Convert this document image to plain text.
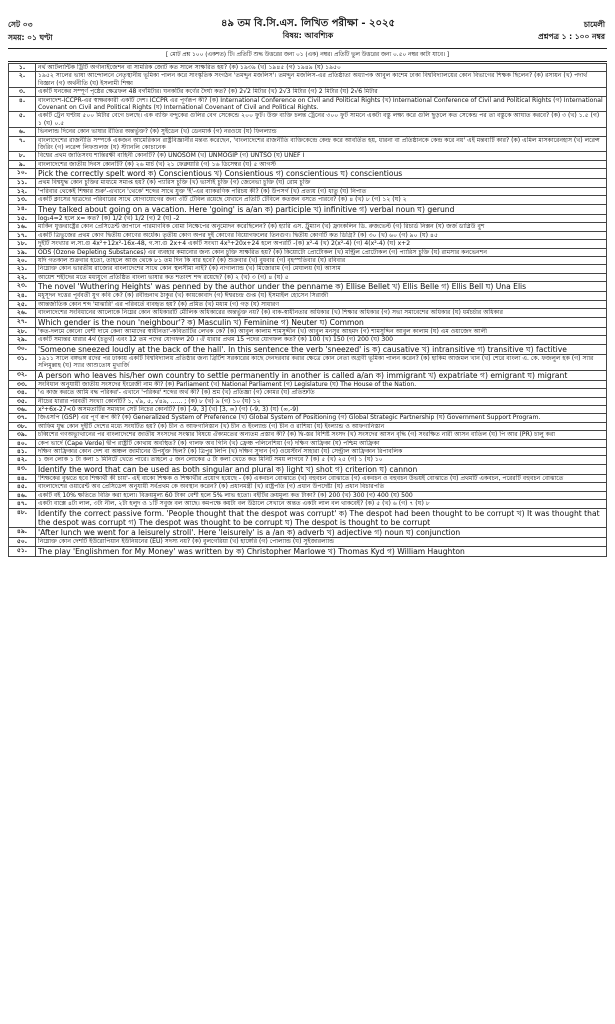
সেট ০৩
সময়: ০১ ঘণ্টা
৪৯ তম বি.সি.এস. লিখিত পরীক্ষা - ২০২৫
বিষয়: আবশ্যিক
চামেলী
প্রশ্নপত্র ১ : ১০০ নম্বর
[ মোট প্রশ্ন ১০০ (একশত) টি। প্রতিটি শুদ্ধ উত্তরের জন্য ০১ (এক) নম্বর। প্রতিটি ভুল উত্তরের জন্য ০.৫০ নম্বর কাটা যাবে। ]
১.	নর্থ আটলান্টিক ট্রিটি অর্গানাইজেশন বা সামরিক জোট কত সালে সাক্ষরিত হয়? (ক) ১৯৩৯ (খ) ১৯৪৫ (গ) ১৯৪৯ (ঘ) ১৯৫০
২.	১৯৫২ সালের ভাষা আন্দোলনে নেতৃস্থানীয় ভূমিকা পালন করে সাংস্কৃতিক সংগঠন 'তমদ্দুন মজলিস'। তমদ্দুন মজলিস-এর প্রতিষ্ঠাতা অধ্যাপক আবুল কাশেম ঢাকা বিশ্ববিদ্যালয়ের কোন বিভাগের শিক্ষক ছিলেন? (ক) রসায়ন (খ) পদার্থ বিজ্ঞান (গ) অর্থনীতি (ঘ) ইসলামী শিক্ষা
৩.	একটি ঘনকের সম্পূর্ণ পৃষ্ঠের ক্ষেত্রফল 48 বর্গমিটার। ঘনকটির কর্ণের দৈর্ঘ্য কত? (ক) 2√2 মিটার (খ) 2√3 মিটার (গ) 2 মিটার (ঘ) 2√6 মিটার
৪.	বাংলাদেশ-ICCPR-এর স্বাক্ষরকারী একটি দেশ। ICCPR এর পূর্ণরূপ কী? (ক) International Conference on Civil and Political Rights (খ) International Conference of Civil and Political Rights (গ) International Covenant on Civil and Political Rights (ঘ) International Covenant of Civil and Political Rights.
৫.	একটি ট্রেন ঘণ্টায় ৫০০ মিটার বেগে চলছে। এক ব্যক্তি বন্দুকের গুলির বেগ সেকেন্ডে ২০০ ফুট। উক্ত ব্যক্তি চলন্ত ট্রেনের ৩০০ ফুট সামনে একটা বস্তু লক্ষ্য করে গুলি ছুড়লে কত সেকেন্ড পর তা বস্তুকে আঘাত করবে? (ক) ৩ (খ) ১.৫ (গ) ১ (ঘ) ০.৫
৬.	ভিনলান্ড দিনের কোন ভাষার রীতির অন্তর্ভুক্ত? (ক) সুইডেন (খ) ডেনমার্ক (গ) নরওয়ে (ঘ) ফিনল্যান্ড
৭.	বাংলাদেশের রাজনীতি সম্পর্কে একজন আমেরিকান রাষ্ট্রবিজ্ঞানীর মন্তব্য করেছেন, 'বাংলাদেশের রাজনীতি ব্যক্তিকেন্দ্রে কেন্দ্র করে আবর্তিত হয়, ধারনা বা প্রতিষ্ঠানকে কেন্দ্র করে নয়' এই মন্তব্যটি কার? (ক) এমিল মাসকারেনহাস (খ) লরেন্স জিরিং (গ) লরেন্স লিফশুলজ (ঘ) স্ট্যানলি কোচানেক
৮.	বিশ্বের প্রথম জাতিসংঘ শান্তিরক্ষী বাহিনী কোনটি? (ক) UNOSOM (খ) UNMOGIP (গ) UNTSO (ঘ) UNEF I
৯.	বাংলাদেশের জাতীয় দিবস কোনটি? (ক) ২৬ মার্চ (খ) ২১ ফেব্রুয়ারি (গ) ১৬ ডিসেম্বর (ঘ) ৫ আগস্ট
১০.	Pick the correctly spelt word ক) Conscientious খ) Consientious গ) conscientious ঘ) conscientious
১১.	প্রথম বিশ্বযুদ্ধ কোন চুক্তির মাধ্যমে সমাপ্ত হয়? (ক) প্যারিস চুক্তি (খ) ভার্সাই চুক্তি (গ) জেনেভা চুক্তি (ঘ) রোম চুক্তি
১২.	'পরিবার থেকেই শিক্ষার শুরু'-এখানে 'থেকে' শব্দের সাথে যুক্ত 'ই'-এর ব্যাকরণিক পরিচয় কী? (ক) উপসর্গ (খ) প্রত্যয় (গ) ধাতু (ঘ) নিপাত
১৩.	একটি ক্লাসের ছাত্রদের পরিবারের সাথে যোগাযোগের জন্য ৩টি টেবিল রয়েছে যেখানে প্রতিটি টেবিলে কতজন বসতে পারবে? (ক) ৪ (খ) ৮ (গ) ১২ (ঘ) ২
১৪.	They talked about going on a vacation. Here 'going' is a/an ক) participle খ) infinitive গ) verbal noun ঘ) gerund
১৫.	log₂4=2 হলে x= কত? (ক) 1/2 (খ) 1/2 (গ) 2 (ঘ) -2
১৬.	মার্কিন যুক্তরাষ্ট্রের কোন প্রেসিডেন্ট জাপানে পারমাণবিক বোমা নিক্ষেপের অনুমোদন করেছিলেন? (ক) হ্যারি এস. ট্রুম্যান (খ) ফ্রাংকলিন ডি. রুজভেল্ট (গ) রিচার্ড নিক্সন (ঘ) জর্জ ডাব্লিউ বুশ
১৭.	একটি ত্রিভুজের প্রথম কোণ দ্বিতীয় কোণের অর্ধেক। তৃতীয় কোণ অপর দুই কোণের বিয়োগফলের তিনগুণ। দ্বিতীয় কোণটি কত ডিগ্রি? (ক) ৩০ (খ) ৬০ (গ) ৯০ (ঘ) ৪৫
১৮.	দুইটি সংখ্যার ল.সা.গু 4x²+12x²-16x-48, গ.সা.গু 2x+4 একটি সংখ্যা 4x³+20x+24 হলে অপরটি -(ক) x²-4 (খ) 2(x²-4) (গ) 4(x²-4) (ঘ) x+2
১৯.	ODS (Ozone Depleting Substances) এর ব্যবহার কমানোর জন্য কোন চুক্তি সাক্ষরিত হয়? (ক) কিয়োটো প্রোটোকল (খ) মন্ট্রিল প্রোটোকল (গ) প্যারিস চুক্তি (ঘ) রামসার কনভেনশন
২০.	যদি গতকাল শুক্রবার হতো, তাহলে আজ থেকে ৮১ তম দিন কি বার হবে? (ক) শুক্রবার (খ) বুধবার (গ) বৃহস্পতিবার (ঘ) রবিবার
২১.	নিম্নোক্ত কোন ভারতীয় রাজ্যের বাংলাদেশের সাথে কোন স্থলসীমা নাই? (ক) নাগাল্যান্ড (খ) মিজোরাম (গ) মেঘালয় (ঘ) আসাম
২২.	আয়েশ শহীদের মতে মধ্যযুগে প্রতিষ্ঠিত বাংলা ভাষার কত শতাংশ শব্দ রয়েছে? (ক) ২ (খ) ৩ (গ) ৪ (ঘ) ৫
২৩.	The novel 'Wuthering Heights' was penned by the author under the penname ক) Ellise Bellet খ) Ellis Belle গ) Ellis Bell ঘ) Una Elis
২৪.	মধুসূদন দত্তের পূর্ববর্তী যুগ কবি কে? (ক) রবীন্দ্রনাথ ঠাকুর (খ) কায়কোবাদ (গ) ঈশ্বরচন্দ্র গুপ্ত (ঘ) ইসমাইল হোসেন সিরাজী
২৫.	আন্তর্জাতিক কোন শব্দ 'মাঝারি' এর পরিবর্তে ব্যবহৃত হয়? (ক) প্রমিত (খ) মধ্যম (গ) গড় (ঘ) সাধারণ
২৬.	বাংলাদেশের সংবিধানের আলোকে নিম্নের কোন অধিকারটি মৌলিক অধিকারের অন্তর্ভুক্ত নয়? (ক) বাক-স্বাধীনতার অধিকার (খ) শিক্ষার অধিকার (গ) সভা সমাবেশের অধিকার (ঘ) ধর্মচর্চার অধিকার
২৭.	Which gender is the noun 'neighbour'? ক) Masculin খ) Feminine গ) Neuter ঘ) Common
২৮.	'কত-দলমে কোনো বেশী দামে কেনা আমাদের স্বাধীনতা'-কবিতাটির লেখক কে? (ক) আবুল কালাম শামসুদ্দীন (খ) আবুল মনসুর আহমদ (গ) শামসুদ্দিন আবুল কালাম (ঘ) এম ওয়াজেদ আলী
২৯.	একটি সমান্তর ধারার 4র্থ (চতুর্থ) এবং 12 তম পদের যোগফল 20 । ঐ ধারার প্রথম 15 পদের যোগফল কত? (ক) 100 (খ) 150 (গ) 200 (ঘ) 300
৩০.	'Someone sneezed loudly at the back of the hall'. In this sentence the verb 'sneezed' is ক) causative খ) intransitive গ) transitive ঘ) factitive
৩১.	১৯১১ সালে বঙ্গভঙ্গ রদের পর ঢাকায় একটি বিশ্ববিদ্যালয় প্রতিষ্ঠার জন্য ব্রিটিশ সরকারের কাছে দেনদরবার করার ক্ষেত্রে কোন নেতা অগ্রণী ভূমিকা পালন করেন? (ক) হাকিম আজমল খান (খ) শেরে বাংলা এ. কে. ফজলুল হক (গ) স্যার সলিমুল্লাহ (ঘ) স্যার আশুতোষ মুখার্জি
৩২.	A person who leaves his/her own country to settle permanently in another is called a/an ক) immigrant খ) expatriate গ) emigrant ঘ) migrant
৩৩.	সংবিধান অনুযায়ী জাতীয় সংসদের ইংরেজী নাম কী? (ক) Parliament (খ) National Parliament (গ) Legislature (ঘ) The House of the Nation.
৩৪.	'এ কাজ করতে আমি বদ্ধ পরিকর'- এখানে 'পরিকর' শব্দের অর্থ কী? (ক) শ্রম (খ) প্রতিজ্ঞা (গ) কোমর (ঘ) প্রতিশ্রুতি
৩৫.	নীচের ধারার পরবর্তী সংখ্যা কোনটি? ১, √৯, ৫, √৪৯, ...... ; (ক) ৮ (খ) ৯ (গ) ১০ (ঘ) ১২
৩৬.	x²+6x-27<0 অসমতাটির সমাধান সেট নিচের কোনটি? (ক) [-9, 3] (খ) [3, ∞) (গ) (-9, 3) (ঘ) (∞,-9)
৩৭.	জিএসপি (GSP) এর পূর্ণ রূপ কী? (ক) Generalized System of Preference (খ) Global System of Positioning (গ) Global Strategic Partnership (ঘ) Government Support Program.
৩৮.	আফিম যুদ্ধ কোন দুইটি দেশের মধ্যে সংঘটিত হয়? (ক) চীন ও আফগানিস্তান (খ) চীন ও ইংল্যান্ড (গ) চীন ও রাশিয়া (ঘ) ইংল্যান্ড ও আফগানিস্তান
৩৯.	চব্বিশের গণঅভ্যুত্থানের পর বাংলাদেশের জাতীয় সংসদের সংস্কার বিষয়ে ঐক্যমতের অন্যতম প্রস্তাব কী? (ক) দ্বি-স্তর বিশিষ্ট সংসদ (খ) সংসদের আসন বৃদ্ধি (গ) সংরক্ষিত নারী আসন বাতিল (ঘ) পি আর (PR) চালু করা
৪০.	কেপ ভার্দে (Cape Verde) দ্বীপ রাষ্ট্রটি কোথায় অবস্থিত? (ক) গালফ অব গিনি (খ) ফ্রেঞ্চ পলিনেশিয়া (গ) দক্ষিণ আফ্রিকা (ঘ) পশ্চিম আফ্রিকা
৪১.	দক্ষিণ আফ্রিকার কোন দেশ বা অঞ্চল জার্মানের উপর্যুক্ত ছিল? (ক) ত্রিপুর লিপি (খ) দক্ষিণ সুদান (গ) ওয়েস্টার্ন সাহারা (ঘ) সেন্ট্রাল আফ্রিকান রিপাবলিক
৪২.	১ জন লোক ১ টা কলা ১ মিনিটে খেতে পারে। তাহলে ৫ জন লোকের ৫ টা কলা খেতে কত মিনিট সময় লাগবে ? (ক) ৫ (খ) ২৫ (গ) ১ (ঘ) ১০
৪৩.	Identify the word that can be used as both singular and plural ক) light খ) shot গ) criterion ঘ) cannon
৪৪.	'শিক্ষকের বুঝতে হবে শিক্ষার্থী কী চায়'- এই বাক্যে শিক্ষক ও শিক্ষার্থীর প্রয়োগ হয়েছে - (ক) একবচন বোঝাতে (খ) বহুবচন বোঝাতে (গ) একবচন ও বহুবচন উভয়ই বোঝাতে (ঘ) প্রথমটি একবচন, পরেরটি বহুবচন বোঝাতে
৪৫.	বাংলাদেশের ওয়ারেন্ট অব প্রেসিডেন্স অনুযায়ী সর্বপ্রথম কে অবস্থান করেন? (ক) প্রধানমন্ত্রী (খ) রাষ্ট্রপতি (গ) প্রধান উপদেষ্টা (ঘ) প্রধান বিচারপতি
৪৬.	একটি বই 10% ক্ষতিতে বিক্রি করা হলো। বিক্রয়মূল্য 60 টাকা বেশী হলে 5% লাভ হতো। বইটির ক্রয়মূল্য কত টাকা? (ক) 200 (খ) 300 (গ) 400 (ঘ) 500
৪৭.	একটা বাক্সে ৪টা লাল, ৩টা নীল, ২টা হলুদ ও ১টি সবুজ বল আছে। কমপক্ষে কয়টা বল উঠালে সেখানে অন্তত একটা লাল বল থাকবেই? (ক) ৫ (খ) ৬ (গ) ৭ (ঘ) ৮
৪৮.	Identify the correct passive form. 'People thought that the despot was corrupt' ক) The despot had been thought to be corrupt খ) It was thought that the despot was corrupt গ) The despot was thought to be corrupt ঘ) The despot is thought to be corrupt
৪৯.	'After lunch we went for a leisurely stroll'. Here 'leisurely' is a /an ক) adverb খ) adjective গ) noun ঘ) conjunction
৫০.	নিম্নোক্ত কোন দেশটি ইউরোপিয়ান ইউনিয়নের (EU) সদস্য নয়? (ক) বুলগেরিয়া (খ) হাঙ্গেরি (গ) পোল্যান্ড (ঘ) সুইজারল্যান্ড
৫১.	The play 'Englishmen for My Money' was written by ক) Christopher Marlowe খ) Thomas Kyd গ) William Haughton
